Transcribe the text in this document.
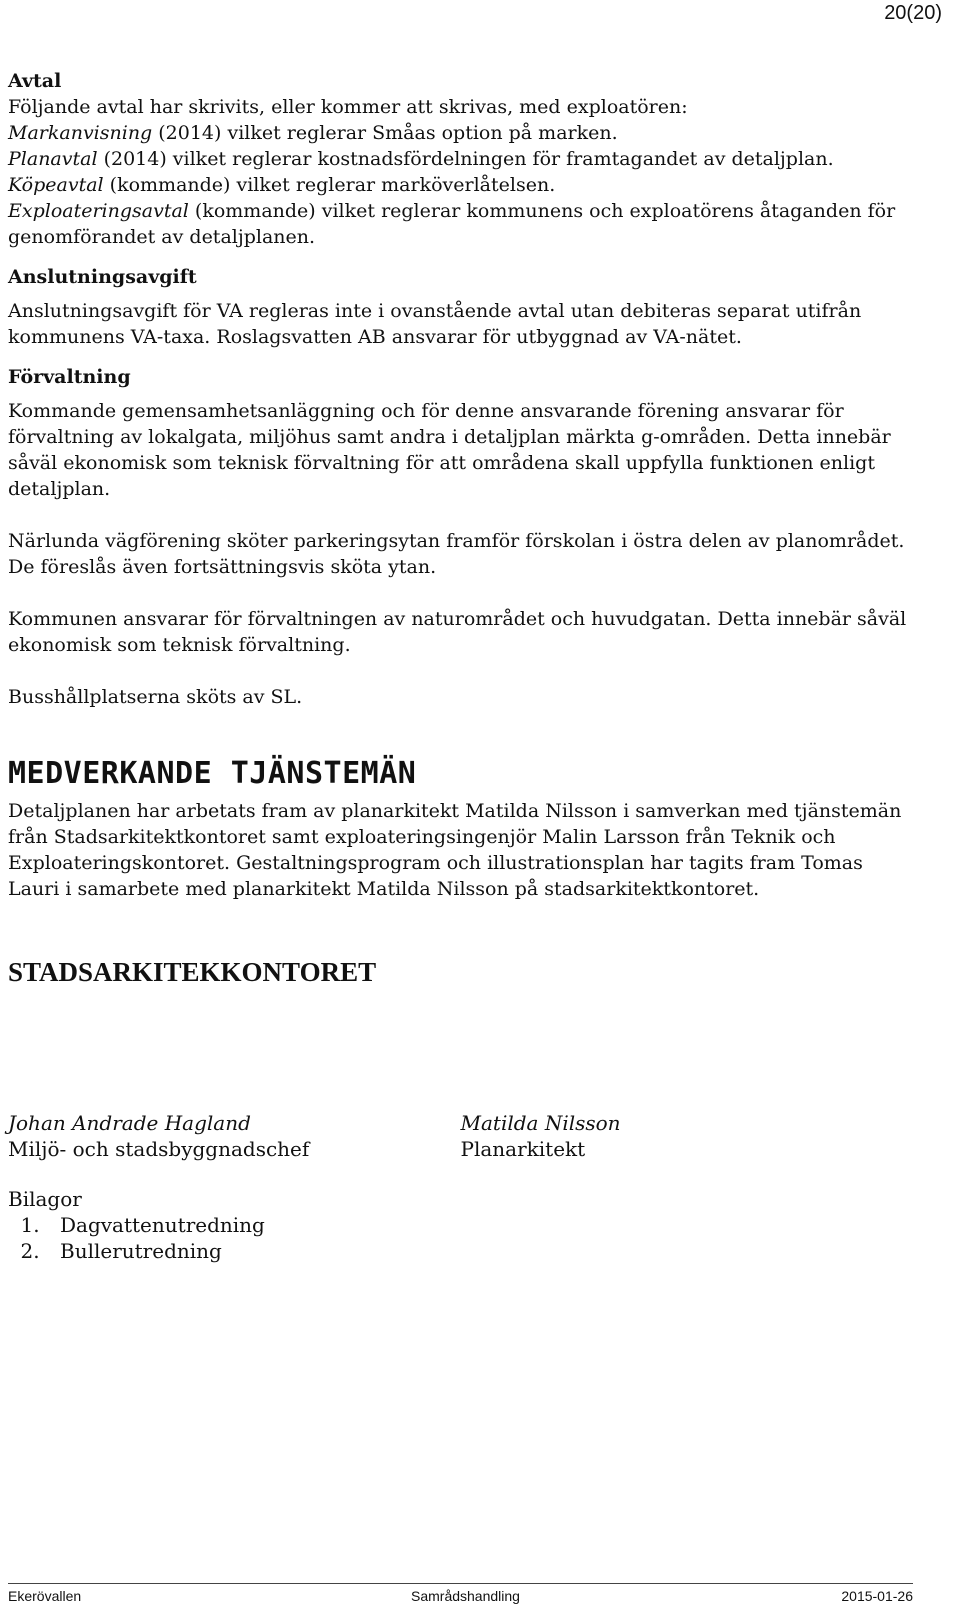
20(20)
Avtal

Följande avtal har skrivits, eller kommer att skrivas, med exploatören:

Markanvisning (2014) vilket reglerar Småas option på marken.

Planavtal (2014) vilket reglerar kostnadsfördelningen för framtagandet av detaljplan.

Köpeavtal (kommande) vilket reglerar marköverlåtelsen.

Exploateringsavtal (kommande) vilket reglerar kommunens och exploatörens åtaganden för genomförandet av detaljplanen.

Anslutningsavgift

Anslutningsavgift för VA regleras inte i ovanstående avtal utan debiteras separat utifrån kommunens VA-taxa. Roslagsvatten AB ansvarar för utbyggnad av VA-nätet.

Förvaltning

Kommande gemensamhetsanläggning och för denne ansvarande förening ansvarar för förvaltning av lokalgata, miljöhus samt andra i detaljplan märkta g-områden. Detta innebär såväl ekonomisk som teknisk förvaltning för att områdena skall uppfylla funktionen enligt detaljplan.

Närlunda vägförening sköter parkeringsytan framför förskolan i östra delen av planområdet. De föreslås även fortsättningsvis sköta ytan.

Kommunen ansvarar för förvaltningen av naturområdet och huvudgatan. Detta innebär såväl ekonomisk som teknisk förvaltning.

Busshållplatserna sköts av SL.

MEDVERKANDE TJÄNSTEMÄN

Detaljplanen har arbetats fram av planarkitekt Matilda Nilsson i samverkan med tjänstemän från Stadsarkitektkontoret samt exploateringsingenjör Malin Larsson från Teknik och Exploateringskontoret. Gestaltningsprogram och illustrationsplan har tagits fram Tomas Lauri i samarbete med planarkitekt Matilda Nilsson på stadsarkitektkontoret.

STADSARKITEKKONTORET

Johan Andrade Hagland

Miljö- och stadsbyggnadschef

Matilda Nilsson

Planarkitekt

Bilagor

1. Dagvattenutredning
2. Bullerutredning
Ekerövallen	Samrådshandling	2015-01-26
